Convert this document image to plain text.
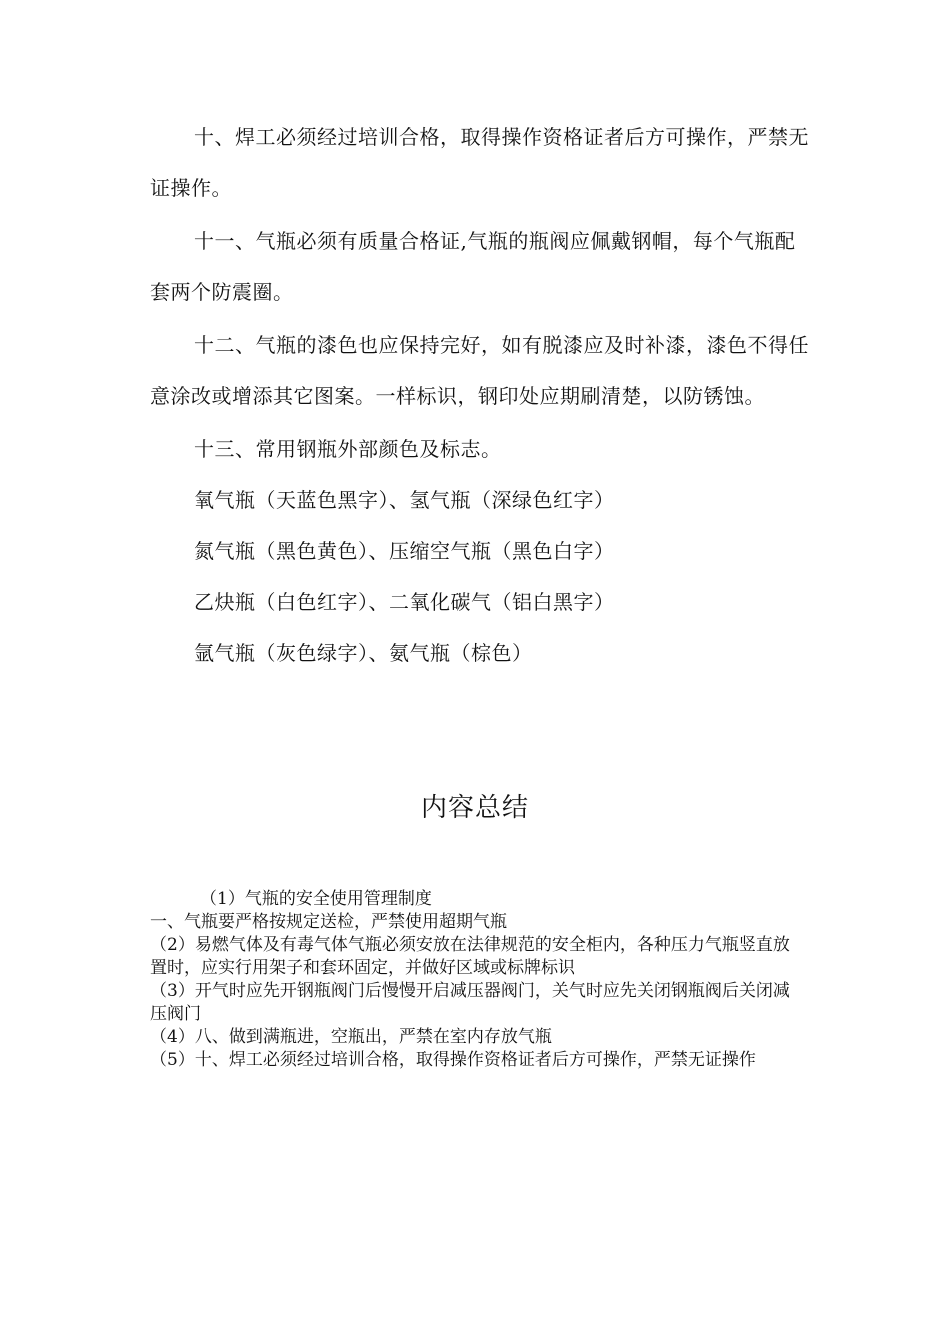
十、焊工必须经过培训合格，取得操作资格证者后方可操作，严禁无证操作。

十一、气瓶必须有质量合格证,气瓶的瓶阀应佩戴钢帽，每个气瓶配套两个防震圈。

十二、气瓶的漆色也应保持完好，如有脱漆应及时补漆，漆色不得任意涂改或增添其它图案。一样标识，钢印处应期刷清楚，以防锈蚀。

十三、常用钢瓶外部颜色及标志。

氧气瓶（天蓝色黑字）、氢气瓶（深绿色红字）

氮气瓶（黑色黄色）、压缩空气瓶（黑色白字）

乙炔瓶（白色红字）、二氧化碳气（铝白黑字）

氩气瓶（灰色绿字）、氨气瓶（棕色）

内容总结

（1）气瓶的安全使用管理制度

一、气瓶要严格按规定送检，严禁使用超期气瓶

（2）易燃气体及有毒气体气瓶必须安放在法律规范的安全柜内，各种压力气瓶竖直放置时，应实行用架子和套环固定，并做好区域或标牌标识

（3）开气时应先开钢瓶阀门后慢慢开启减压器阀门，关气时应先关闭钢瓶阀后关闭减压阀门

（4）八、做到满瓶进，空瓶出，严禁在室内存放气瓶

（5）十、焊工必须经过培训合格，取得操作资格证者后方可操作，严禁无证操作
